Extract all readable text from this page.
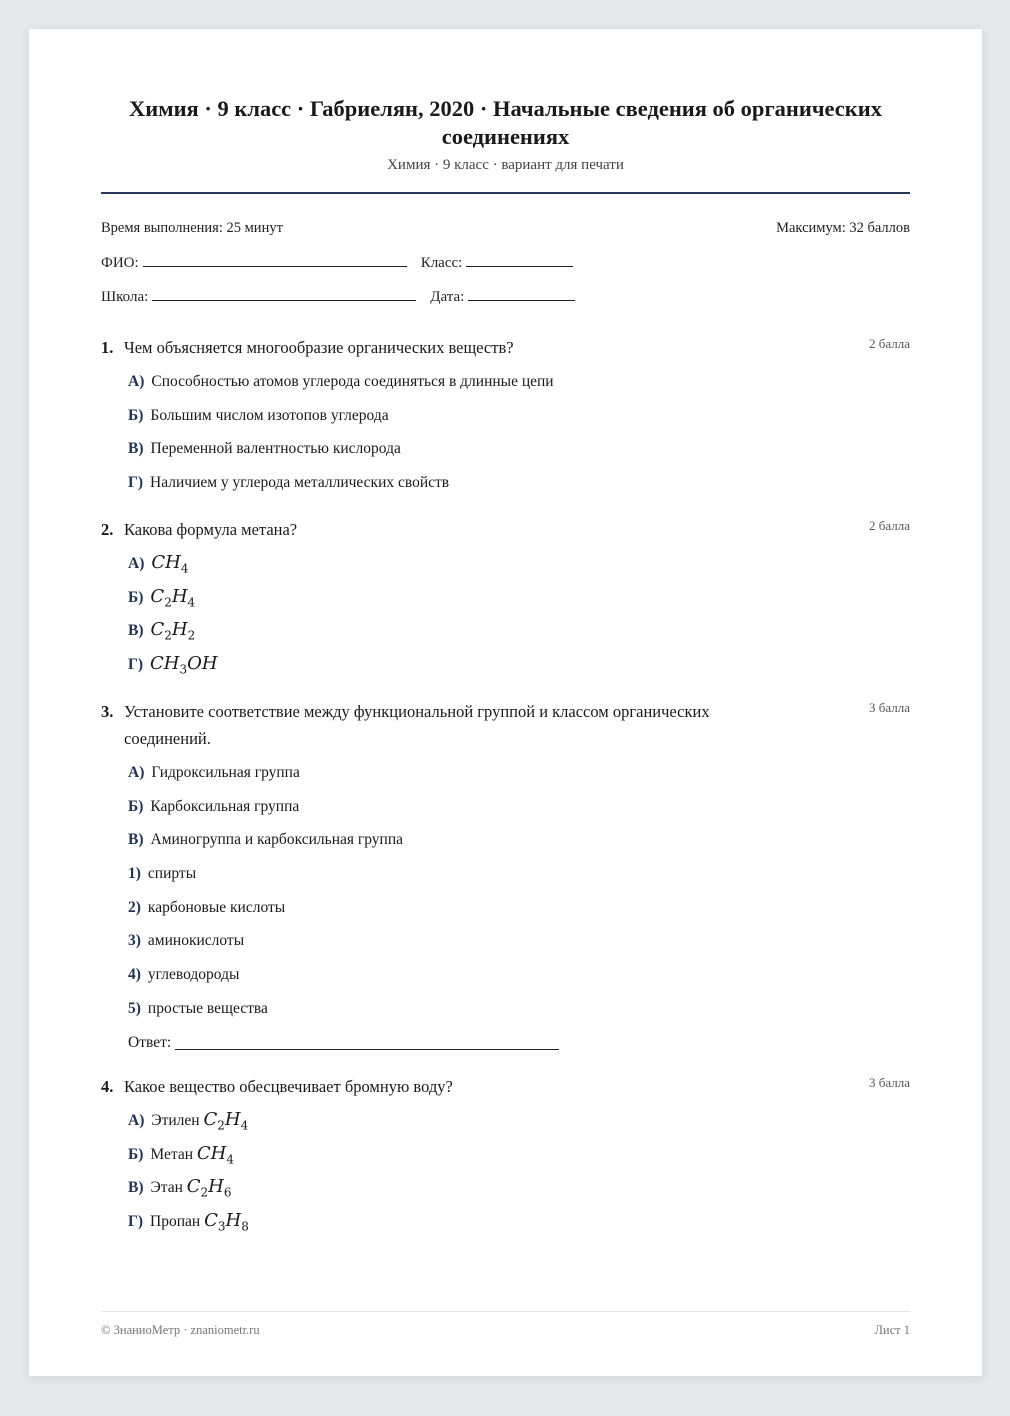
Химия · 9 класс · Габриелян, 2020 · Начальные сведения об органических соединениях
Химия · 9 класс · вариант для печати
Время выполнения: 25 минут	Максимум: 32 баллов
ФИО:	Класс:
Школа:	Дата:
1. Чем объясняется многообразие органических веществ?	2 балла
А) Способностью атомов углерода соединяться в длинные цепи
Б) Большим числом изотопов углерода
В) Переменной валентностью кислорода
Г) Наличием у углерода металлических свойств
2. Какова формула метана?	2 балла
А) $CH_4$
Б) $C_2H_4$
В) $C_2H_2$
Г) $CH_3OH$
3. Установите соответствие между функциональной группой и классом органических соединений.
3 балла
А) Гидроксильная группа
Б) Карбоксильная группа
В) Аминогруппа и карбоксильная группа
1) спирты
2) карбоновые кислоты
3) аминокислоты
4) углеводороды
5) простые вещества
Ответ:
4. Какое вещество обесцвечивает бромную воду?	3 балла
А) Этилен
$C_2H_4$
Б) Метан
$CH_4$
В) Этан
$C_2H_6$
Г) Пропан
$C_3H_8$
© ЗнаниоМетр · znaniometr.ru	Лист 1
